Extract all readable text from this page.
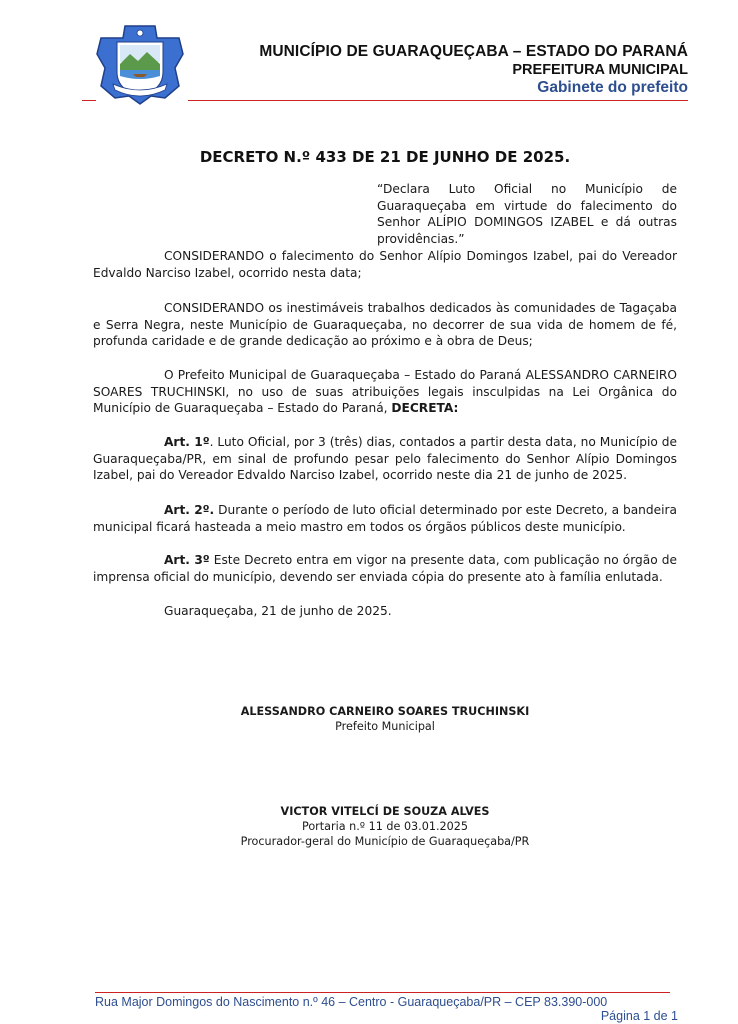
MUNICÍPIO DE GUARAQUEÇABA – ESTADO DO PARANÁ
PREFEITURA MUNICIPAL
Gabinete do prefeito
DECRETO N.º 433 DE 21 DE JUNHO DE 2025.
“Declara Luto Oficial no Município de Guaraqueçaba em virtude do falecimento do Senhor ALÍPIO DOMINGOS IZABEL e dá outras providências.”
CONSIDERANDO o falecimento do Senhor Alípio Domingos Izabel, pai do Vereador Edvaldo Narciso Izabel, ocorrido nesta data;
CONSIDERANDO os inestimáveis trabalhos dedicados às comunidades de Tagaçaba e Serra Negra, neste Município de Guaraqueçaba, no decorrer de sua vida de homem de fé, profunda caridade e de grande dedicação ao próximo e à obra de Deus;
O Prefeito Municipal de Guaraqueçaba – Estado do Paraná ALESSANDRO CARNEIRO SOARES TRUCHINSKI, no uso de suas atribuições legais insculpidas na Lei Orgânica do Município de Guaraqueçaba – Estado do Paraná, DECRETA:
Art. 1º. Luto Oficial, por 3 (três) dias, contados a partir desta data, no Município de Guaraqueçaba/PR, em sinal de profundo pesar pelo falecimento do Senhor Alípio Domingos Izabel, pai do Vereador Edvaldo Narciso Izabel, ocorrido neste dia 21 de junho de 2025.
Art. 2º. Durante o período de luto oficial determinado por este Decreto, a bandeira municipal ficará hasteada a meio mastro em todos os órgãos públicos deste município.
Art. 3º Este Decreto entra em vigor na presente data, com publicação no órgão de imprensa oficial do município, devendo ser enviada cópia do presente ato à família enlutada.
Guaraqueçaba, 21 de junho de 2025.
ALESSANDRO CARNEIRO SOARES TRUCHINSKI
Prefeito Municipal
VICTOR VITELCÍ DE SOUZA ALVES
Portaria n.º 11 de 03.01.2025
Procurador-geral do Município de Guaraqueçaba/PR
Rua Major Domingos do Nascimento n.º 46 – Centro - Guaraqueçaba/PR – CEP 83.390-000
Página 1 de 1
